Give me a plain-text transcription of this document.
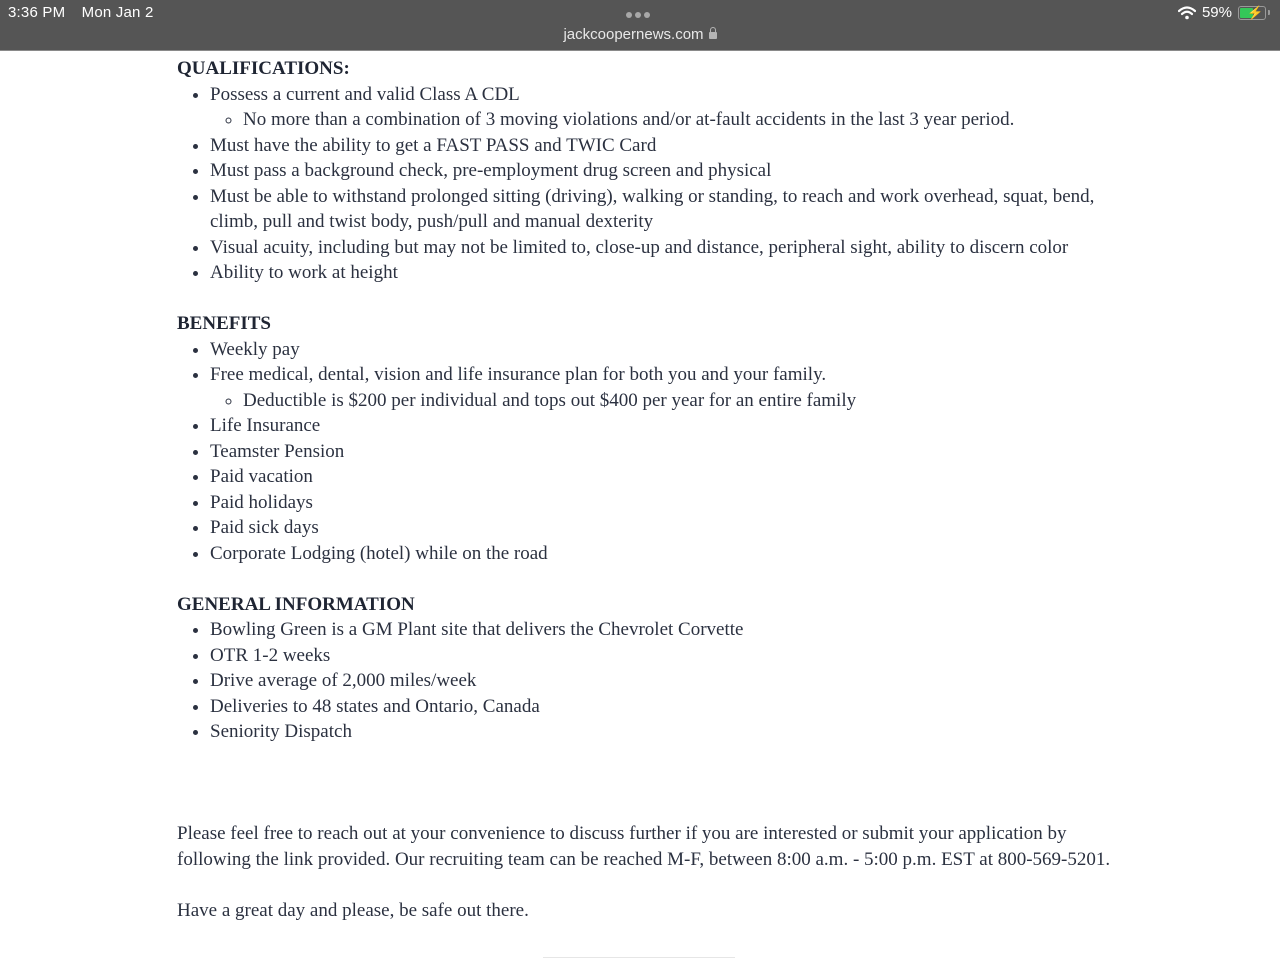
3:36 PM Mon Jan 2
jackcoopernews.com
59% ⚡
QUALIFICATIONS:
• Possess a current and valid Class A CDL
◦ No more than a combination of 3 moving violations and/or at-fault accidents in the last 3 year period.
• Must have the ability to get a FAST PASS and TWIC Card
• Must pass a background check, pre-employment drug screen and physical
• Must be able to withstand prolonged sitting (driving), walking or standing, to reach and work overhead, squat, bend, climb, pull and twist body, push/pull and manual dexterity
• Visual acuity, including but may not be limited to, close-up and distance, peripheral sight, ability to discern color
• Ability to work at height
BENEFITS
• Weekly pay
• Free medical, dental, vision and life insurance plan for both you and your family.
◦ Deductible is $200 per individual and tops out $400 per year for an entire family
• Life Insurance
• Teamster Pension
• Paid vacation
• Paid holidays
• Paid sick days
• Corporate Lodging (hotel) while on the road
GENERAL INFORMATION
• Bowling Green is a GM Plant site that delivers the Chevrolet Corvette
• OTR 1-2 weeks
• Drive average of 2,000 miles/week
• Deliveries to 48 states and Ontario, Canada
• Seniority Dispatch

Please feel free to reach out at your convenience to discuss further if you are interested or submit your application by following the link provided. Our recruiting team can be reached M-F, between 8:00 a.m. - 5:00 p.m. EST at 800-569-5201.

Have a great day and please, be safe out there.
